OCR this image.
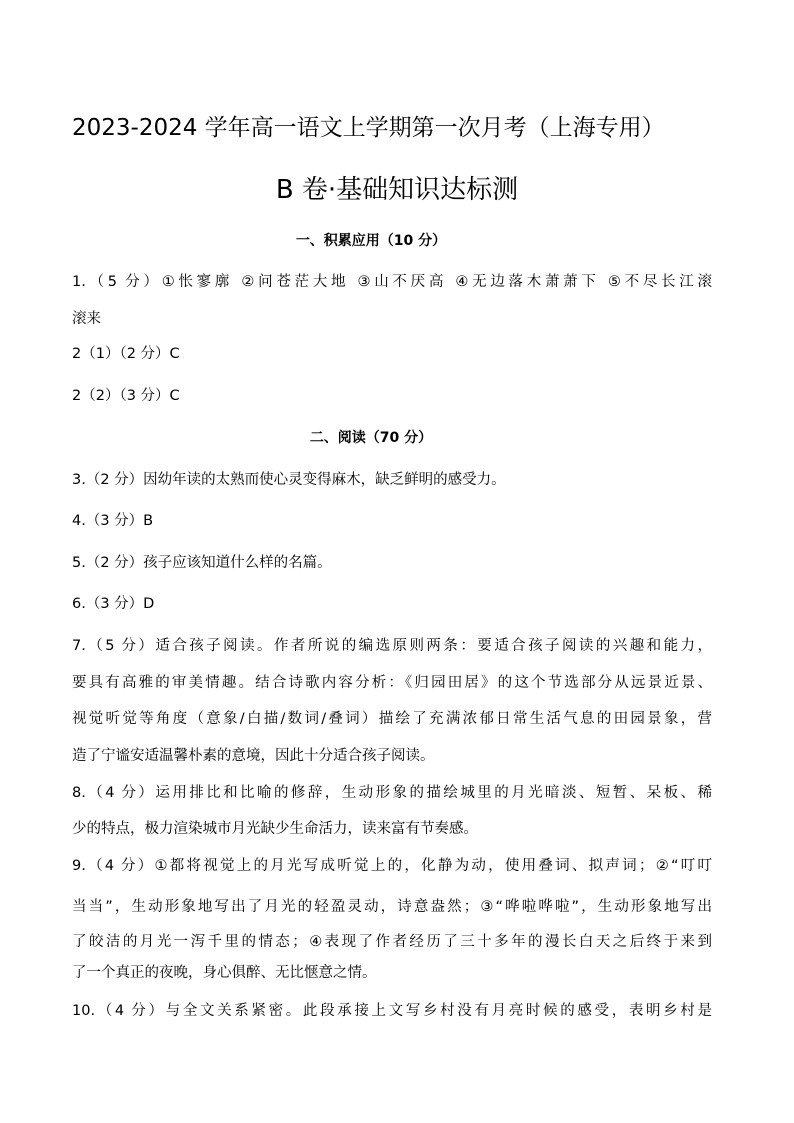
2023-2024 学年高一语文上学期第一次月考（上海专用）
B 卷·基础知识达标测
一、积累应用（10 分）
1.（5 分）①怅寥廓 ②问苍茫大地 ③山不厌高 ④无边落木萧萧下 ⑤不尽长江滚
滚来
2（1）（2 分）C
2（2）（3 分）C
二、阅读（70 分）
3.（2 分）因幼年读的太熟而使心灵变得麻木，缺乏鲜明的感受力。
4.（3 分）B
5.（2 分）孩子应该知道什么样的名篇。
6.（3 分）D
7.（5 分）适合孩子阅读。作者所说的编选原则两条：要适合孩子阅读的兴趣和能力，
要具有高雅的审美情趣。结合诗歌内容分析：《归园田居》的这个节选部分从远景近景、
视觉听觉等角度（意象/白描/数词/叠词）描绘了充满浓郁日常生活气息的田园景象，营
造了宁谧安适温馨朴素的意境，因此十分适合孩子阅读。
8.（4 分）运用排比和比喻的修辞，生动形象的描绘城里的月光暗淡、短暂、呆板、稀
少的特点，极力渲染城市月光缺少生命活力，读来富有节奏感。
9.（4 分）①都将视觉上的月光写成听觉上的，化静为动，使用叠词、拟声词；②“叮叮
当当”，生动形象地写出了月光的轻盈灵动，诗意盎然；③“哗啦哗啦”，生动形象地写出
了皎洁的月光一泻千里的情态；④表现了作者经历了三十多年的漫长白天之后终于来到
了一个真正的夜晚，身心俱醉、无比惬意之情。
10.（4 分）与全文关系紧密。此段承接上文写乡村没有月亮时候的感受，表明乡村是
